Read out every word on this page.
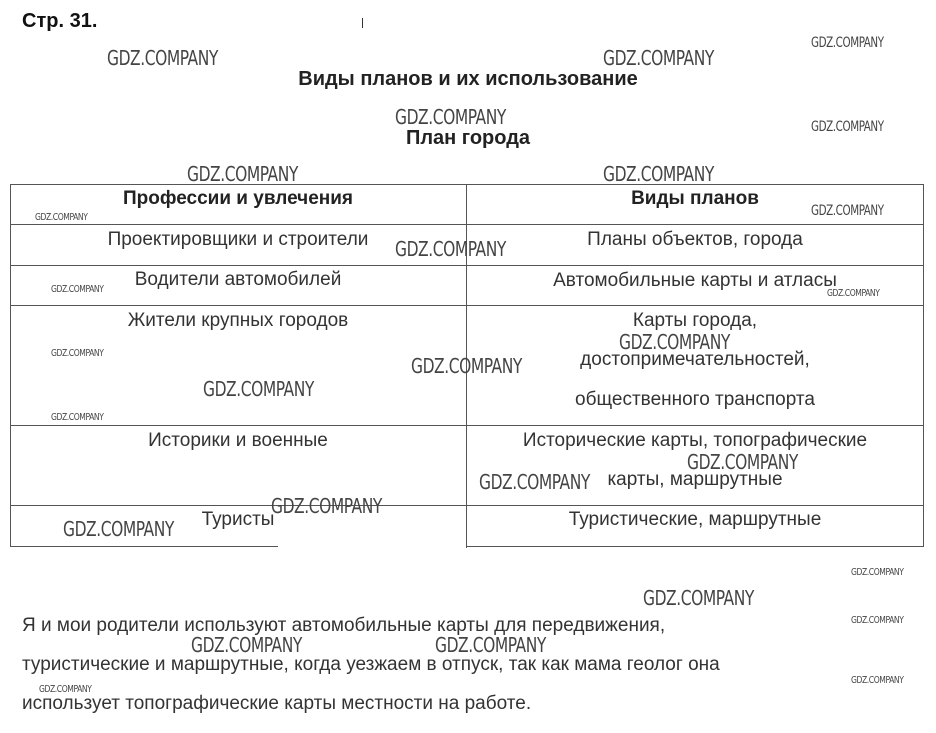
Стр. 31.
Виды планов и их использование
План города
Профессии и увлечения	Виды планов
Проектировщики и строители	Планы объектов, города
Водители автомобилей	Автомобильные карты и атласы
Жители крупных городов	Карты города,
достопримечательностей,
общественного транспорта
Историки и военные	Исторические карты, топографические
карты, маршрутные
Туристы	Туристические, маршрутные
Я и мои родители используют автомобильные карты для передвижения,
туристические и маршрутные, когда уезжаем в отпуск, так как мама геолог она
использует топографические карты местности на работе.
GDZ.COMPANY	GDZ.COMPANY
GDZ.COMPANY
GDZ.COMPANY	GDZ.COMPANY
GDZ.COMPANY	GDZ.COMPANY
GDZ.COMPANY	GDZ.COMPANY
GDZ.COMPANY
GDZ.COMPANY	GDZ.COMPANY
GDZ.COMPANY
GDZ.COMPANY
GDZ.COMPANY
GDZ.COMPANY
GDZ.COMPANY
GDZ.COMPANY
GDZ.COMPANY
GDZ.COMPANY
GDZ.COMPANY
GDZ.COMPANY
GDZ.COMPANY
GDZ.COMPANY
GDZ.COMPANY	GDZ.COMPANY
GDZ.COMPANY
GDZ.COMPANY
